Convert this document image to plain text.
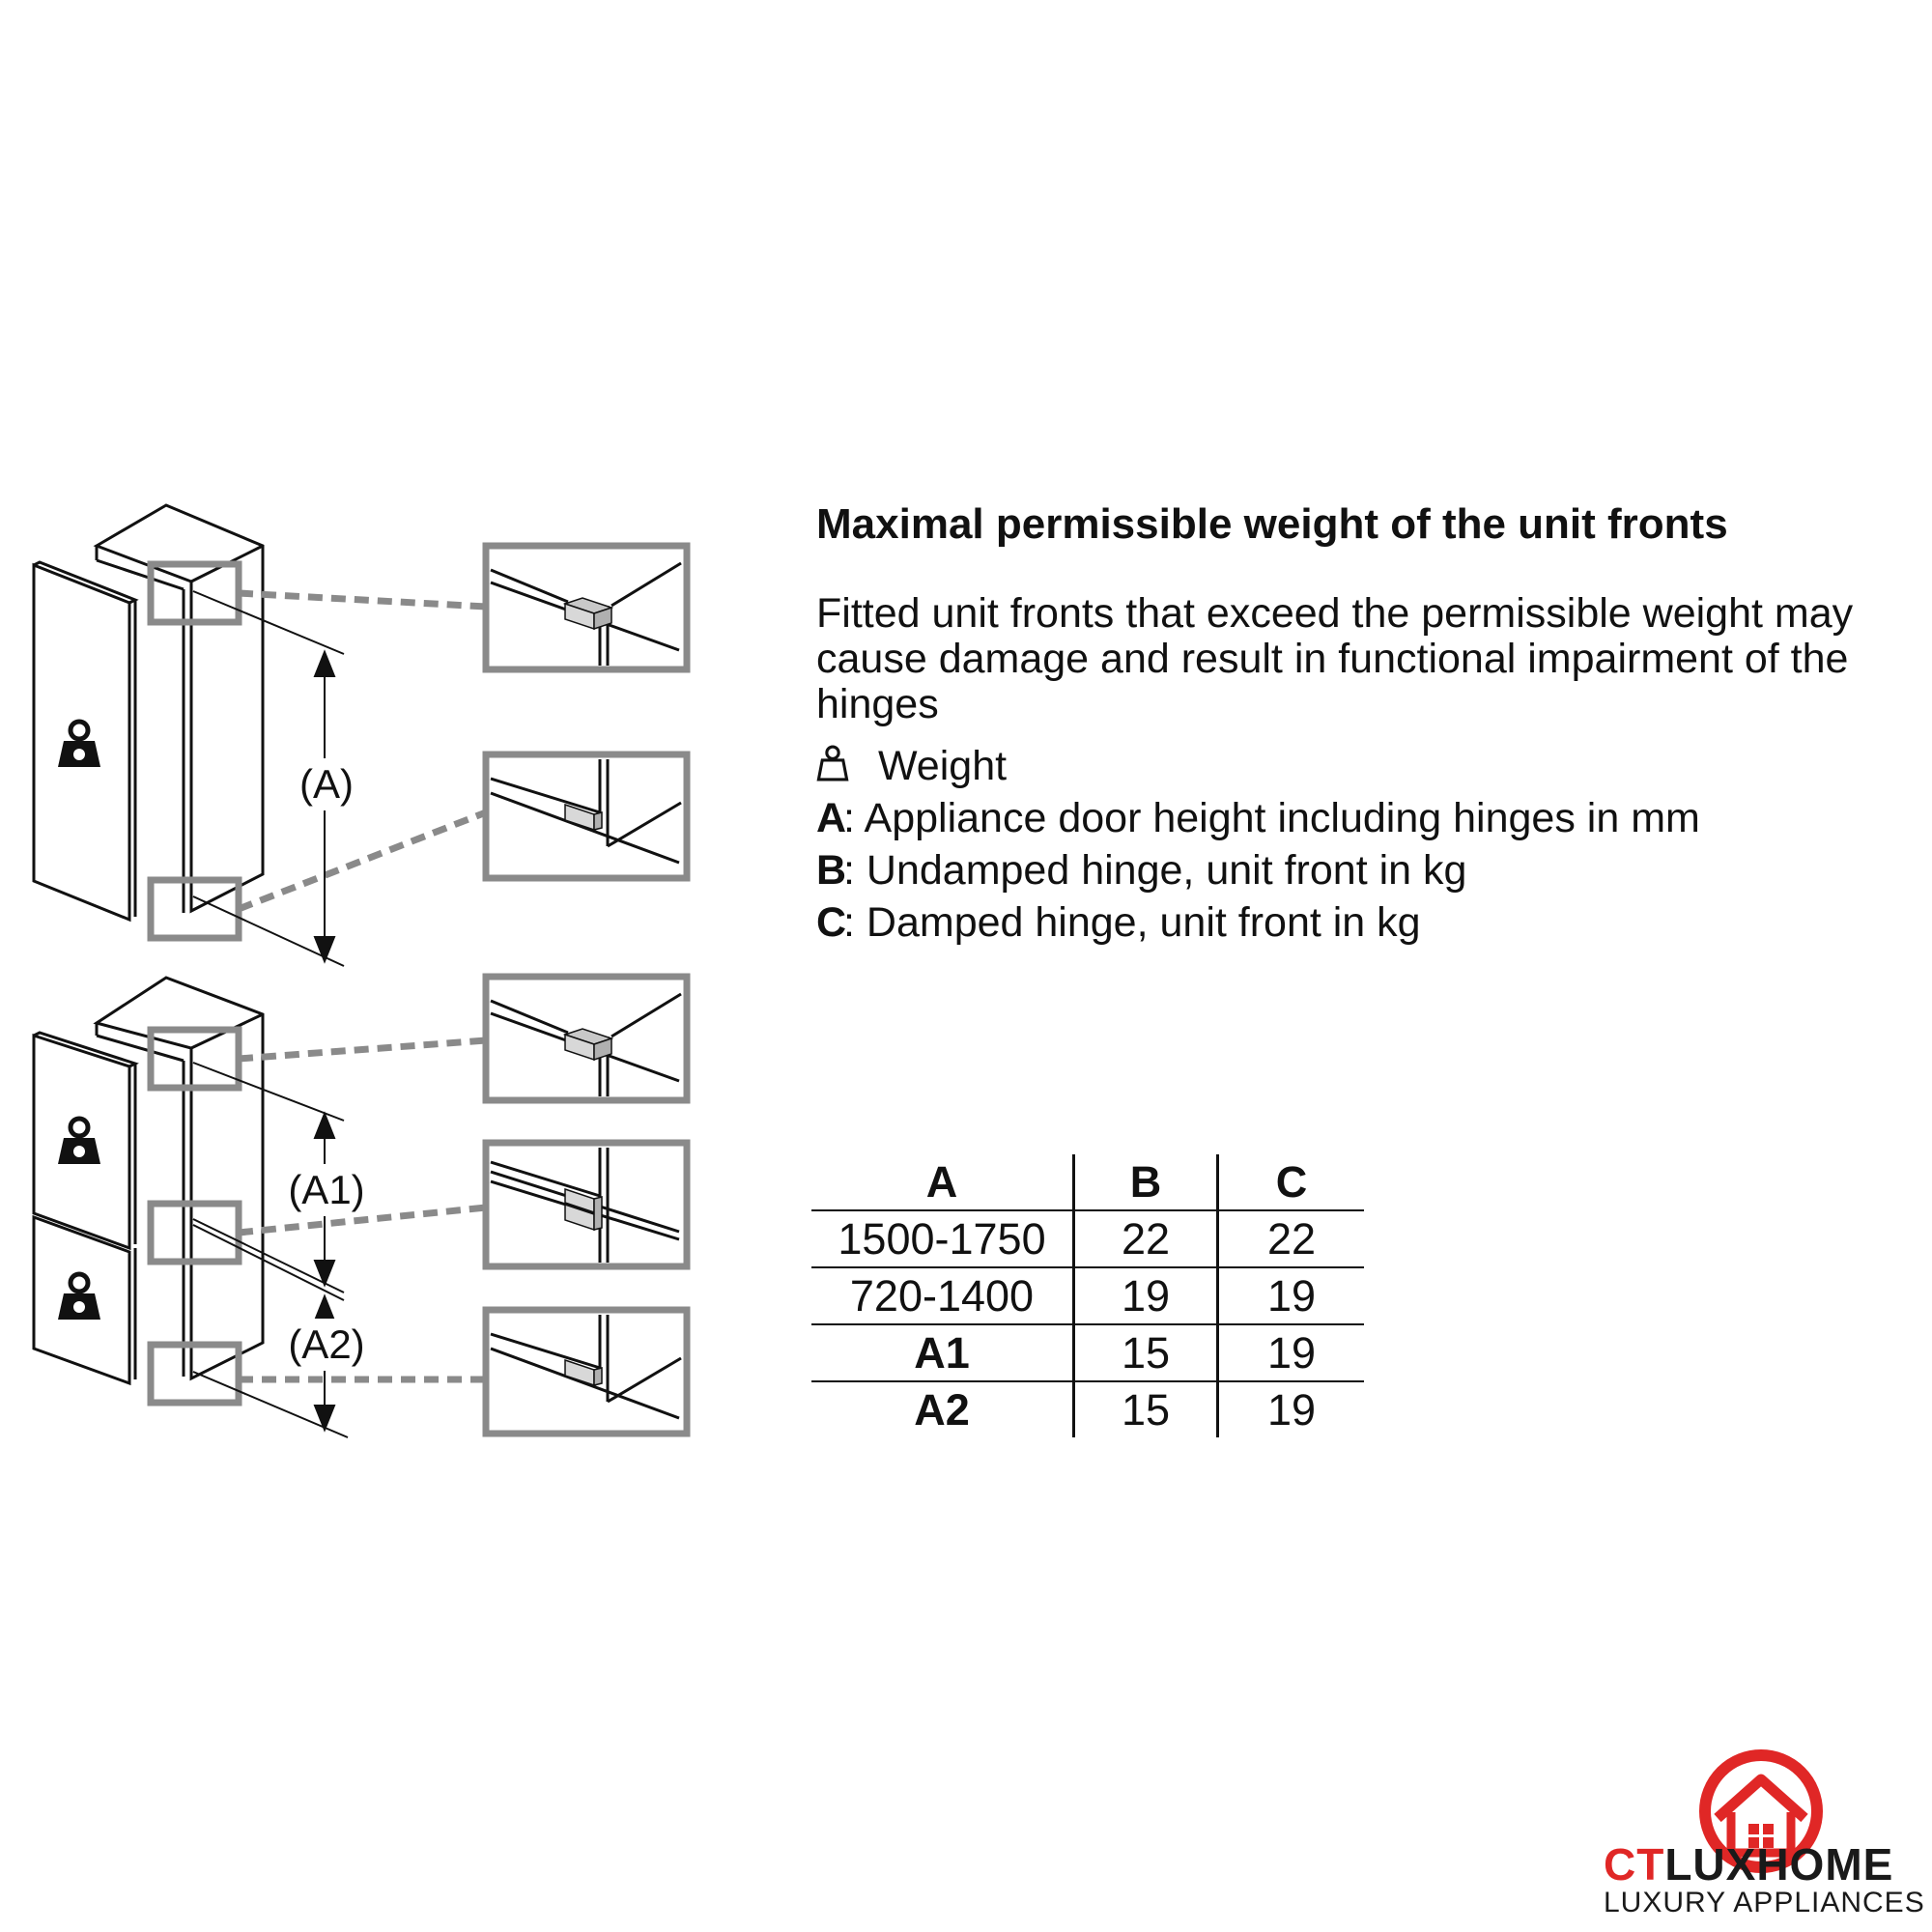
(A)
(A1)
(A2)
Maximal permissible weight of the unit fronts
Fitted unit fronts that exceed the permissible weight may cause damage and result in functional impairment of the hinges
Weight
A: Appliance door height including hinges in mm
B: Undamped hinge, unit front in kg
C: Damped hinge, unit front in kg
A	B	C
1500-1750	22	22
720-1400	19	19
A1	15	19
A2	15	19
CTLUXHOME
LUXURY APPLIANCES
